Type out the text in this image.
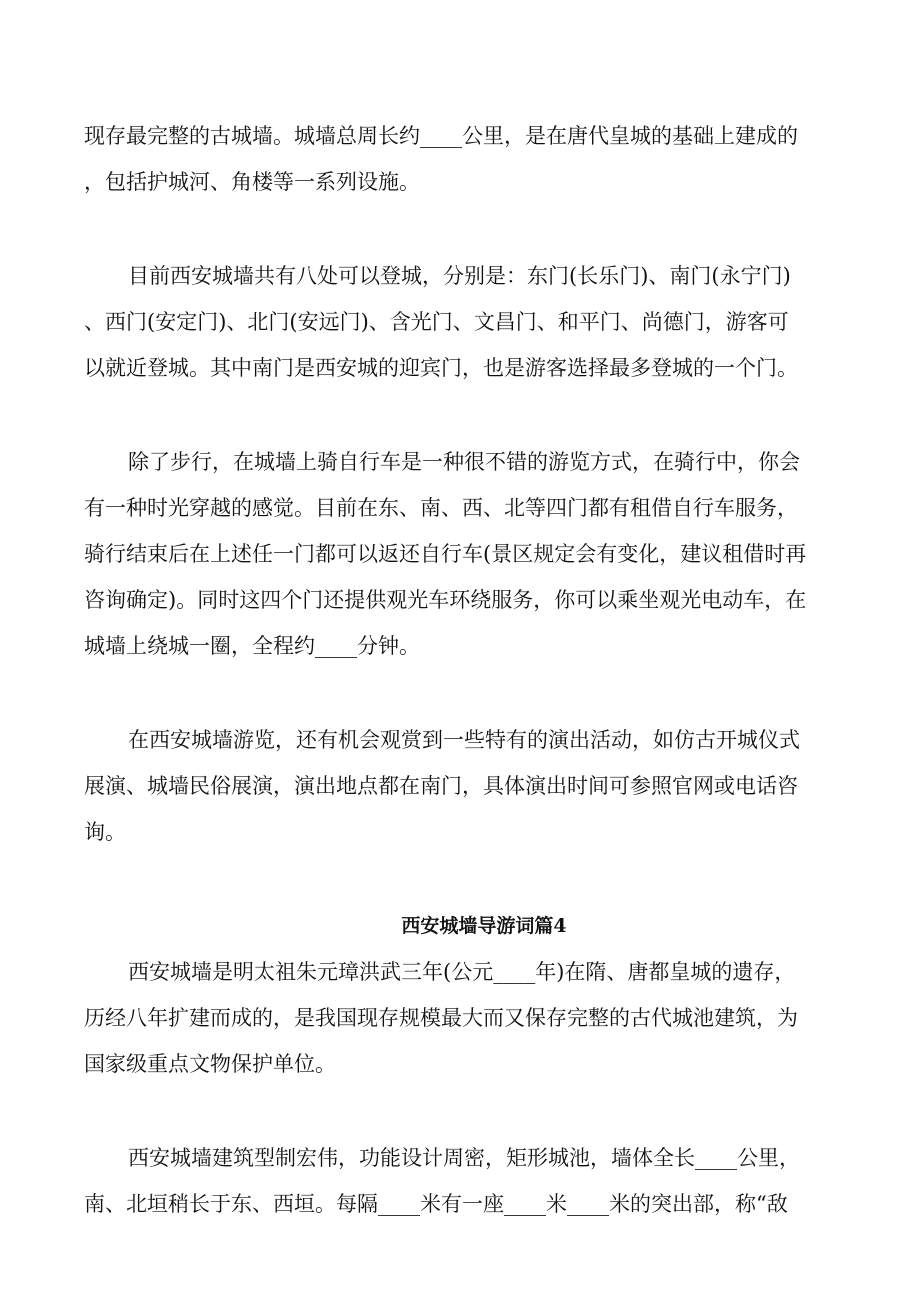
现存最完整的古城墙。城墙总周长约____公里，是在唐代皇城的基础上建成的
，包括护城河、角楼等一系列设施。
目前西安城墙共有八处可以登城，分别是：东门(长乐门)、南门(永宁门)
、西门(安定门)、北门(安远门)、含光门、文昌门、和平门、尚德门，游客可
以就近登城。其中南门是西安城的迎宾门，也是游客选择最多登城的一个门。
除了步行，在城墙上骑自行车是一种很不错的游览方式，在骑行中，你会
有一种时光穿越的感觉。目前在东、南、西、北等四门都有租借自行车服务，
骑行结束后在上述任一门都可以返还自行车(景区规定会有变化，建议租借时再
咨询确定)。同时这四个门还提供观光车环绕服务，你可以乘坐观光电动车，在
城墙上绕城一圈，全程约____分钟。
在西安城墙游览，还有机会观赏到一些特有的演出活动，如仿古开城仪式
展演、城墙民俗展演，演出地点都在南门，具体演出时间可参照官网或电话咨
询。
西安城墙导游词篇4
西安城墙是明太祖朱元璋洪武三年(公元____年)在隋、唐都皇城的遗存，
历经八年扩建而成的，是我国现存规模最大而又保存完整的古代城池建筑，为
国家级重点文物保护单位。
西安城墙建筑型制宏伟，功能设计周密，矩形城池，墙体全长____公里，
南、北垣稍长于东、西垣。每隔____米有一座____米____米的突出部，称“敌
